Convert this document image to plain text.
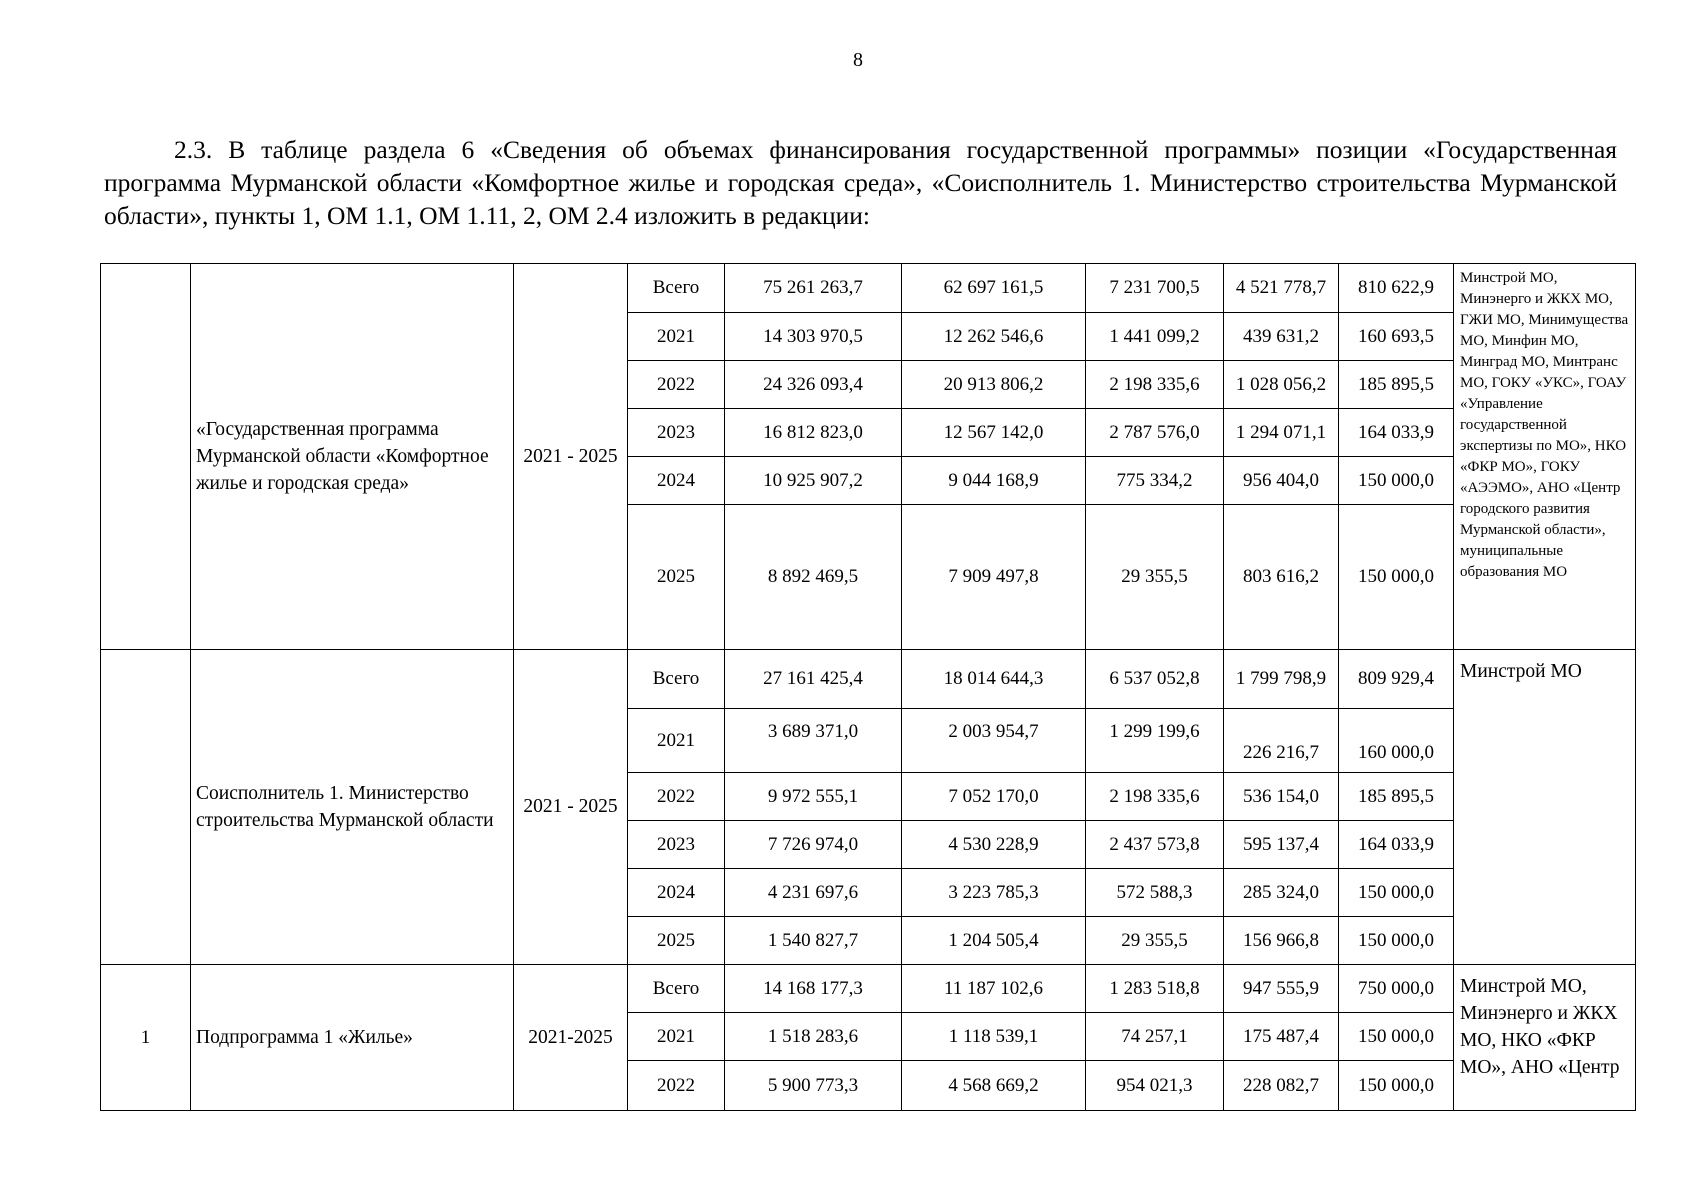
8
2.3. В таблице раздела 6 «Сведения об объемах финансирования государственной программы» позиции «Государственная программа Мурманской области «Комфортное жилье и городская среда», «Соисполнитель 1. Министерство строительства Мурманской области», пункты 1, ОМ 1.1, ОМ 1.11, 2, ОМ 2.4 изложить в редакции:
	«Государственная программа Мурманской области «Комфортное жилье и городская среда»	2021 - 2025	Всего	75 261 263,7	62 697 161,5	7 231 700,5	4 521 778,7	810 622,9	Минстрой МО, Минэнерго и ЖКХ МО, ГЖИ МО, Минимущества МО, Минфин МО, Минград МО, Минтранс МО, ГОКУ «УКС», ГОАУ «Управление государственной экспертизы по МО», НКО «ФКР МО», ГОКУ «АЭЭМО», АНО «Центр городского развития Мурманской области», муниципальные образования МО
			2021	14 303 970,5	12 262 546,6	1 441 099,2	439 631,2	160 693,5	
			2022	24 326 093,4	20 913 806,2	2 198 335,6	1 028 056,2	185 895,5	
			2023	16 812 823,0	12 567 142,0	2 787 576,0	1 294 071,1	164 033,9	
			2024	10 925 907,2	9 044 168,9	775 334,2	956 404,0	150 000,0	
			2025	8 892 469,5	7 909 497,8	29 355,5	803 616,2	150 000,0	
	Соисполнитель 1. Министерство строительства Мурманской области	2021 - 2025	Всего	27 161 425,4	18 014 644,3	6 537 052,8	1 799 798,9	809 929,4	Минстрой МО
			2021	3 689 371,0	2 003 954,7	1 299 199,6	226 216,7	160 000,0	
			2022	9 972 555,1	7 052 170,0	2 198 335,6	536 154,0	185 895,5	
			2023	7 726 974,0	4 530 228,9	2 437 573,8	595 137,4	164 033,9	
			2024	4 231 697,6	3 223 785,3	572 588,3	285 324,0	150 000,0	
			2025	1 540 827,7	1 204 505,4	29 355,5	156 966,8	150 000,0	
1	Подпрограмма 1 «Жилье»	2021-2025	Всего	14 168 177,3	11 187 102,6	1 283 518,8	947 555,9	750 000,0	Минстрой МО, Минэнерго и ЖКХ МО, НКО «ФКР МО», АНО «Центр
			2021	1 518 283,6	1 118 539,1	74 257,1	175 487,4	150 000,0	
			2022	5 900 773,3	4 568 669,2	954 021,3	228 082,7	150 000,0	
